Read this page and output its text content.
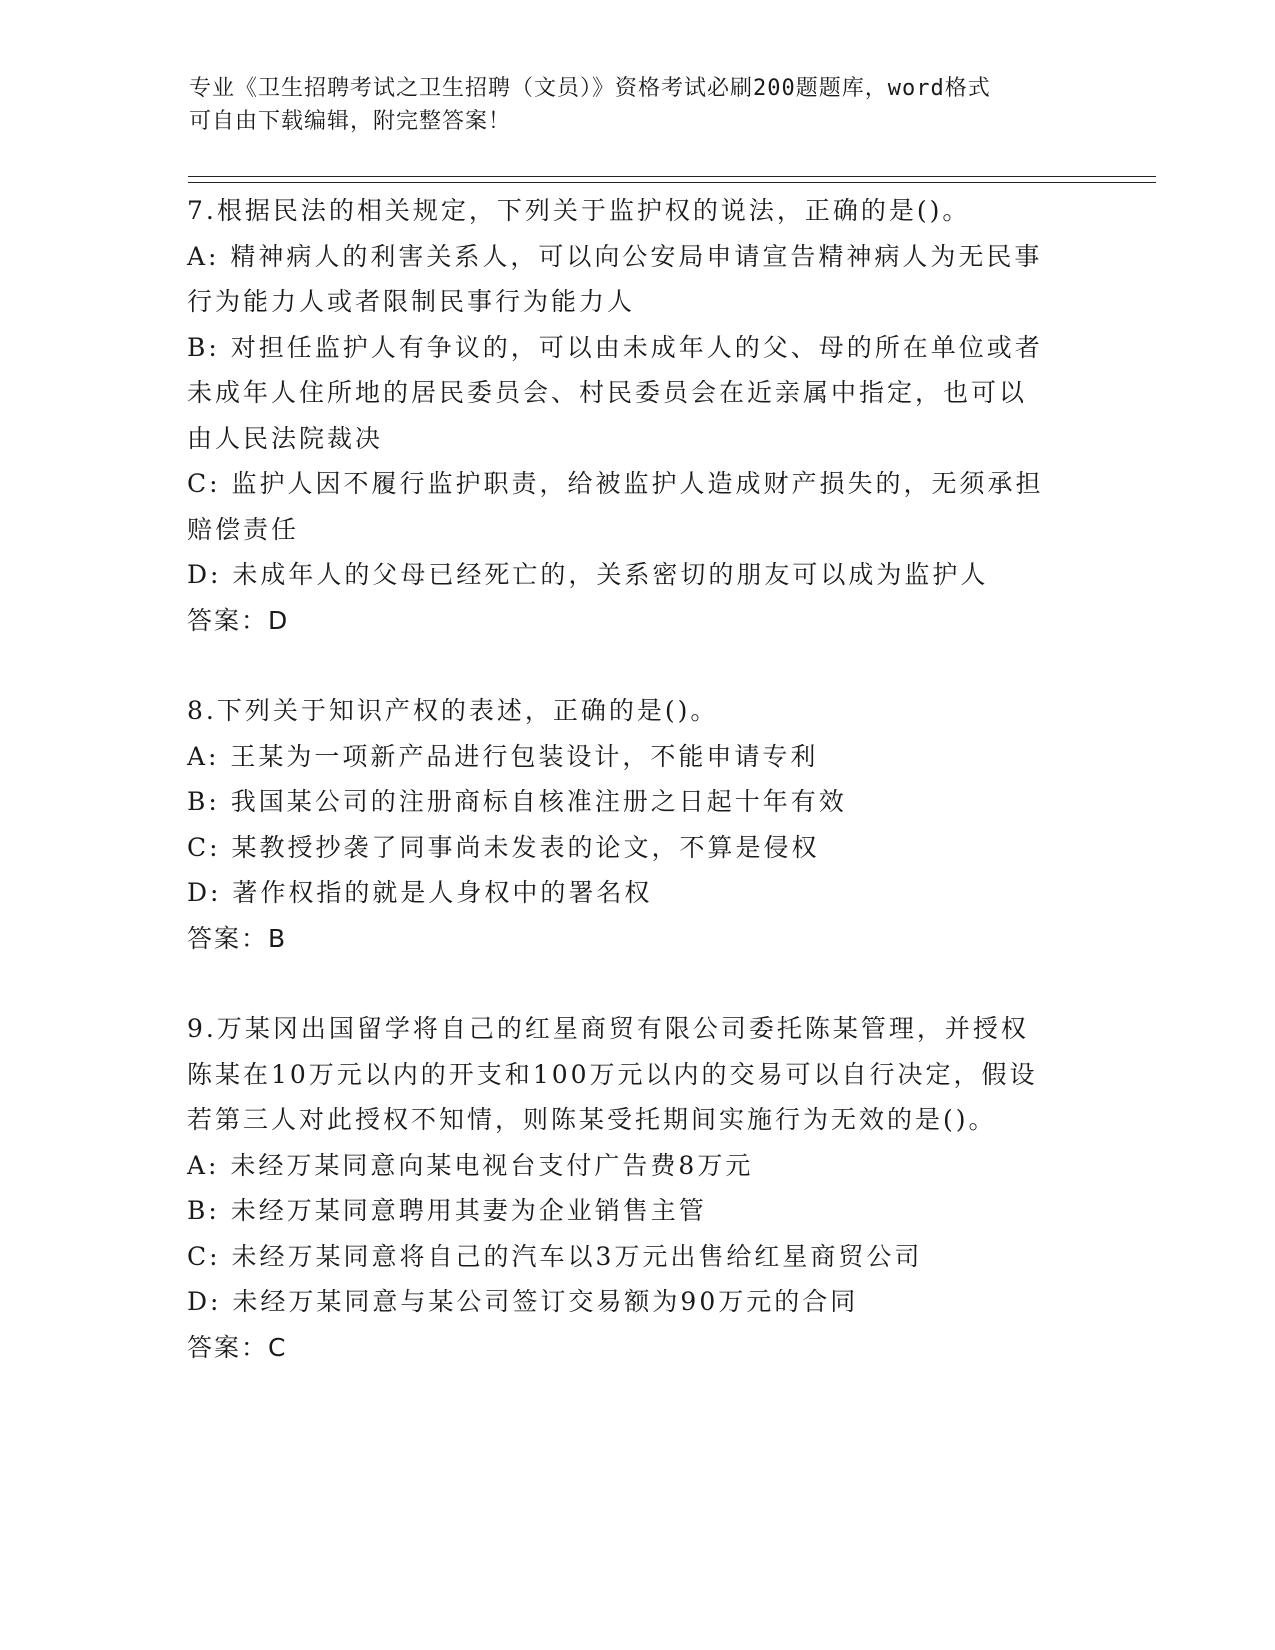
专业《卫生招聘考试之卫生招聘（文员）》资格考试必刷200题题库，word格式
可自由下载编辑，附完整答案！

7.根据民法的相关规定，下列关于监护权的说法，正确的是()。

A: 精神病人的利害关系人，可以向公安局申请宣告精神病人为无民事

行为能力人或者限制民事行为能力人

B: 对担任监护人有争议的，可以由未成年人的父、母的所在单位或者

未成年人住所地的居民委员会、村民委员会在近亲属中指定，也可以

由人民法院裁决

C: 监护人因不履行监护职责，给被监护人造成财产损失的，无须承担

赔偿责任

D: 未成年人的父母已经死亡的，关系密切的朋友可以成为监护人

答案：D

8.下列关于知识产权的表述，正确的是()。

A: 王某为一项新产品进行包装设计，不能申请专利

B: 我国某公司的注册商标自核准注册之日起十年有效

C: 某教授抄袭了同事尚未发表的论文，不算是侵权

D: 著作权指的就是人身权中的署名权

答案：B

9.万某冈出国留学将自己的红星商贸有限公司委托陈某管理，并授权

陈某在10万元以内的开支和100万元以内的交易可以自行决定，假设

若第三人对此授权不知情，则陈某受托期间实施行为无效的是()。

A: 未经万某同意向某电视台支付广告费8万元

B: 未经万某同意聘用其妻为企业销售主管

C: 未经万某同意将自己的汽车以3万元出售给红星商贸公司

D: 未经万某同意与某公司签订交易额为90万元的合同

答案：C
